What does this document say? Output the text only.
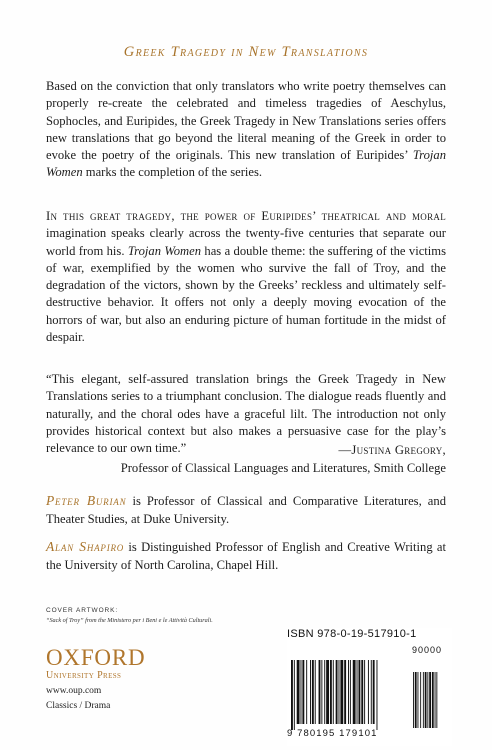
Greek Tragedy in New Translations

Based on the conviction that only translators who write poetry themselves can properly re-create the celebrated and timeless tragedies of Aeschylus, Sophocles, and Euripides, the Greek Tragedy in New Translations series offers new translations that go beyond the literal meaning of the Greek in order to evoke the poetry of the originals. This new translation of Euripides’ Trojan Women marks the completion of the series.

In this great tragedy, the power of Euripides’ theatrical and moral imagination speaks clearly across the twenty-five centuries that separate our world from his. Trojan Women has a double theme: the suffering of the victims of war, exemplified by the women who survive the fall of Troy, and the degradation of the victors, shown by the Greeks’ reckless and ultimately self-destructive behavior. It offers not only a deeply moving evocation of the horrors of war, but also an enduring picture of human fortitude in the midst of despair.

“This elegant, self-assured translation brings the Greek Tragedy in New Translations series to a triumphant conclusion. The dialogue reads fluently and naturally, and the choral odes have a graceful lilt. The introduction not only provides historical context but also makes a persuasive case for the play’s relevance to our own time.”	—Justina Gregory,
Professor of Classical Languages and Literatures, Smith College

Peter Burian is Professor of Classical and Comparative Literatures, and Theater Studies, at Duke University.

Alan Shapiro is Distinguished Professor of English and Creative Writing at the University of North Carolina, Chapel Hill.

COVER ARTWORK:
“Sack of Troy” from the Ministero per i Beni e le Attività Culturali.
OXFORD
University Press
www.oup.com
Classics / Drama
ISBN 978-0-19-517910-1
90000
9 780195 179101
